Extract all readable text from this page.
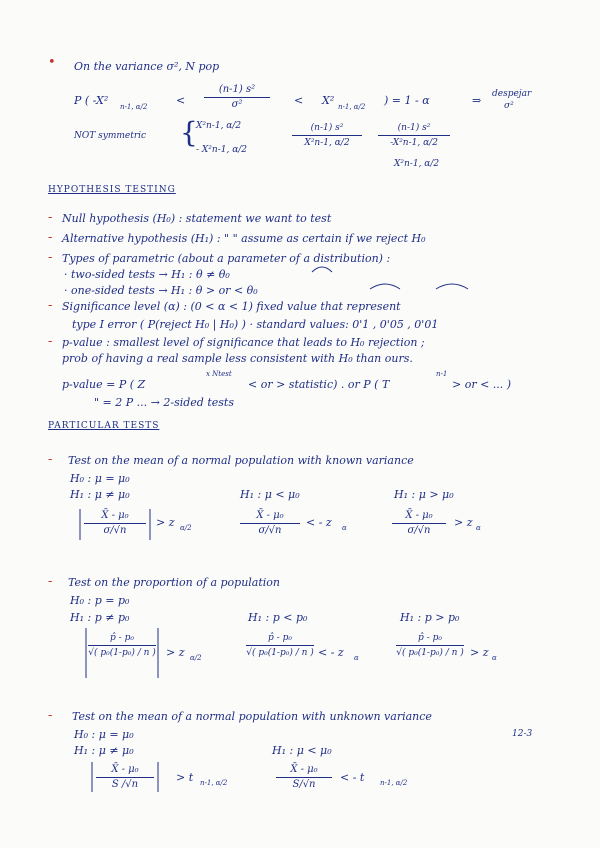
• On the variance σ², N pop
P ( -X² n-1, α/2	< $\frac{\text{(n-1) s²}}{\text{σ²}} < X^2$ n-1, α/2 ) = 1 - α	⇒ despejar
σ²
NOT symmetric {
X²n-1, α/2
- X²n-1, α/2
$\frac{\text{(n-1) s²}}{\text{X²n-1, α/2}} \frac{\text{(n-1) s²}}{\text{-X²n-1, α/2}}$
X²n-1, α/2
HYPOTHESIS TESTING
- Null hypothesis (H₀) : statement we want to test
- Alternative hypothesis (H₁) : " " assume as certain if we reject H₀
- Types of parametric (about a parameter of a distribution) :
· two-sided tests → H₁ : θ ≠ θ₀
· one-sided tests → H₁ : θ > or < θ₀
- Significance level (α) : (0 < α < 1) fixed value that represent
type I error ( P(reject H₀ | H₀) ) · standard values: 0'1 , 0'05 , 0'01
- p-value : smallest level of significance that leads to H₀ rejection ;
prob of having a real sample less consistent with H₀ than ours.
p-value = P ( Z
x Ntest
< or > statistic) . or P ( T
n-1
> or < ... )
" = 2 P ... → 2-sided tests
PARTICULAR TESTS
- Test on the mean of a normal population with known variance
H₀ : μ = μ₀
H₁ : μ ≠ μ₀	H₁ : μ < μ₀	H₁ : μ > μ₀
$\frac{\text{X̄ - μ₀}}{\sigma/√n} > z$ α/2	$\frac{\text{X̄ - μ₀}}{\sigma/√n}$ < - z α	$\frac{\text{X̄ - μ₀}}{\sigma/√n} > z$ α
- Test on the proportion of a population
H₀ : p = p₀
H₁ : p ≠ p₀	H₁ : p < p₀	H₁ : p > p₀
$\frac{\text{p̂ - p₀}}{\text{√( p₀(1-p₀) / n )}} > z$ α/2	$\frac{\text{p̂ - p₀}}{\text{√( p₀(1-p₀) / n )}}$ < - z α	$\frac{\text{p̂ - p₀}}{\text{√( p₀(1-p₀) / n )}} > z$ α
- Test on the mean of a normal population with unknown variance
12-3
H₀ : μ = μ₀
H₁ : μ ≠ μ₀	H₁ : μ < μ₀
$\frac{\text{X̄ - μ₀}}{S /√n} > t$ n-1, α/2	$\frac{\text{X̄ - μ₀}}{S/√n}$ < - t n-1, α/2
